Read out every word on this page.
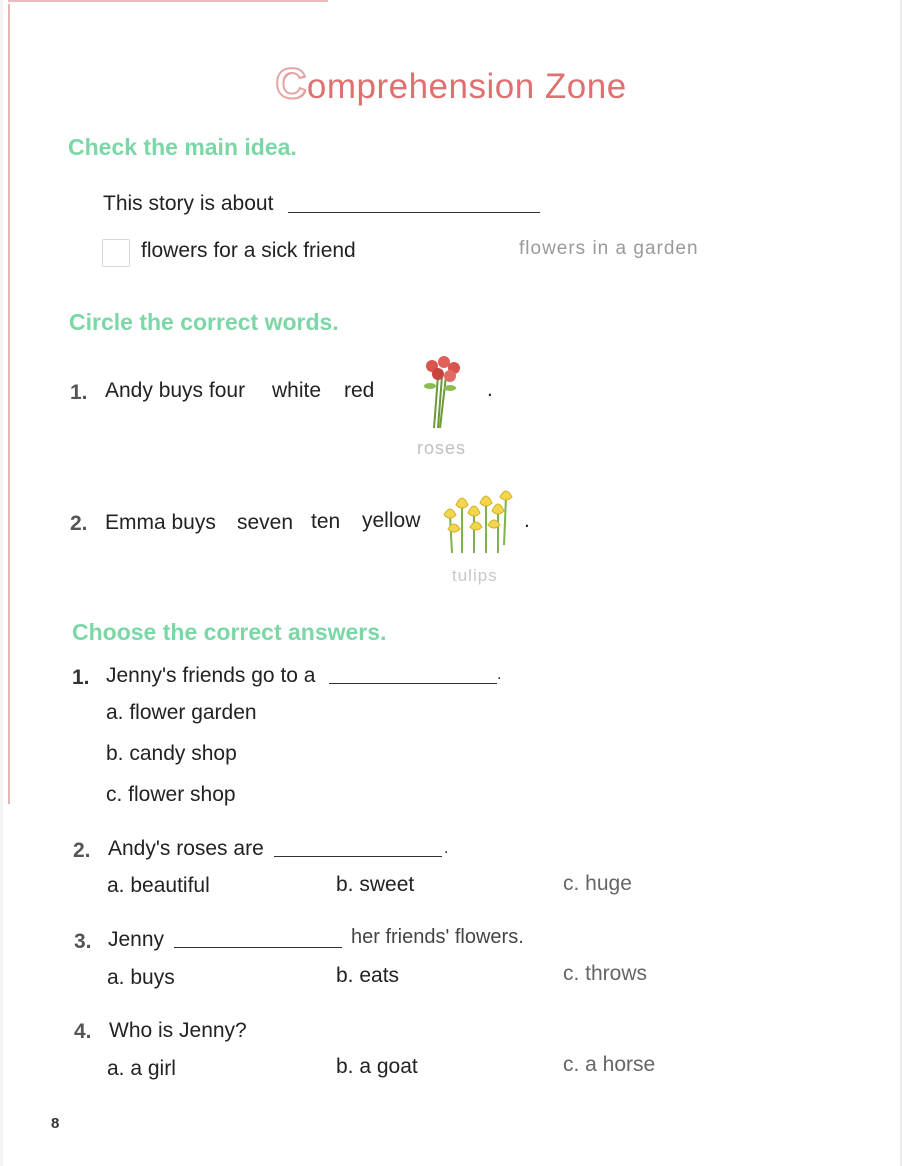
Comprehension Zone
Check the main idea.
This story is about
flowers for a sick friend	flowers in a garden
Circle the correct words.
1. Andy buys four white red	.
roses
2. Emma buys seven ten yellow	.
tulips
Choose the correct answers.
1. Jenny's friends go to a	.
a. flower garden
b. candy shop
c. flower shop
2. Andy's roses are	.
a. beautiful	b. sweet	c. huge
3. Jenny	her friends' flowers.
a. buys	b. eats	c. throws
4. Who is Jenny?
a. a girl	b. a goat	c. a horse
8
